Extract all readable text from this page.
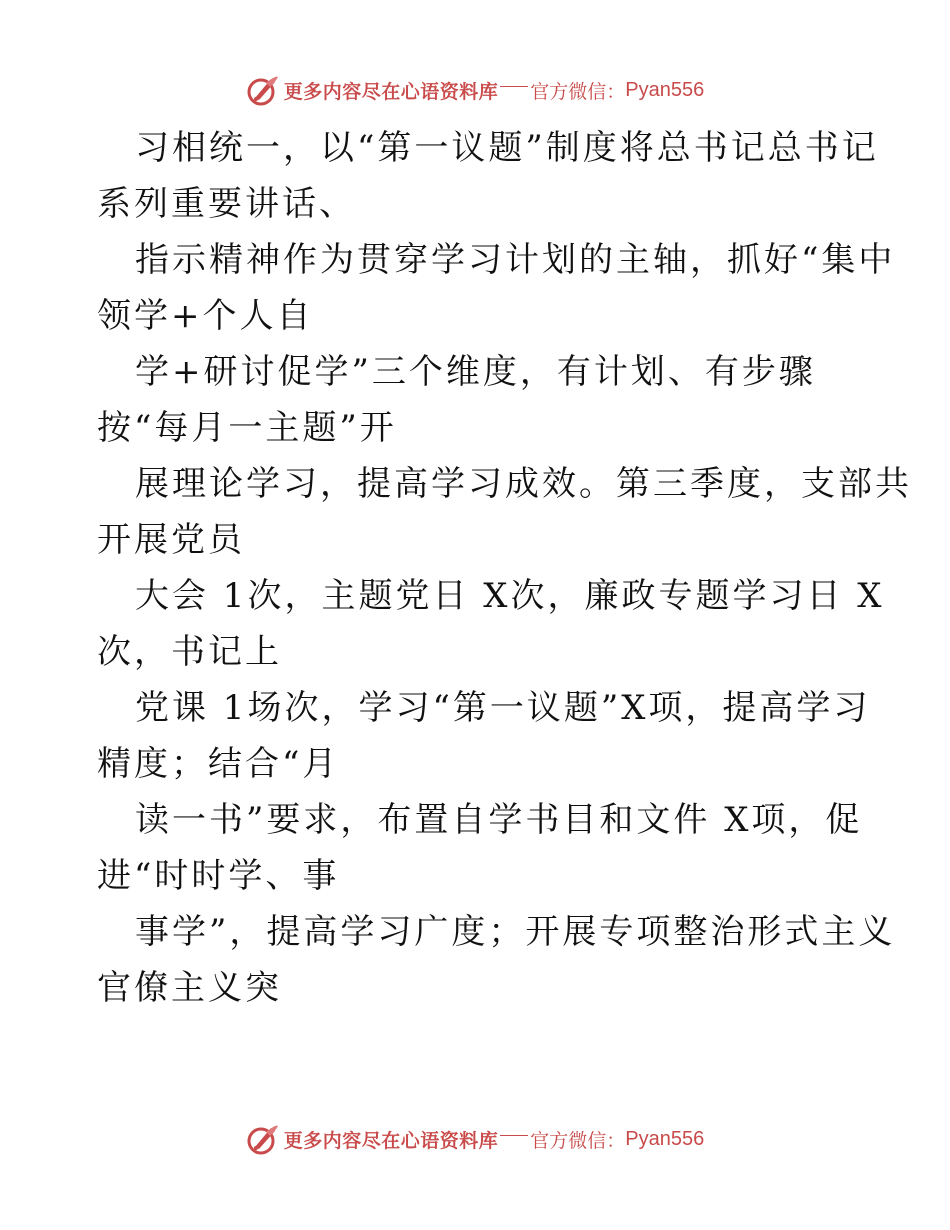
更多内容尽在心语资料库 官方微信： Pyan556
习相统一，以“第一议题”制度将总书记总书记
系列重要讲话、
指示精神作为贯穿学习计划的主轴，抓好“集中
领学+个人自
学+研讨促学”三个维度，有计划、有步骤
按“每月一主题”开
展理论学习，提高学习成效。第三季度，支部共
开展党员
大会 1次，主题党日 X次，廉政专题学习日 X
次，书记上
党课 1场次，学习“第一议题”X项，提高学习
精度；结合“月
读一书”要求，布置自学书目和文件 X项，促
进“时时学、事
事学”，提高学习广度；开展专项整治形式主义
官僚主义突
更多内容尽在心语资料库 官方微信： Pyan556
